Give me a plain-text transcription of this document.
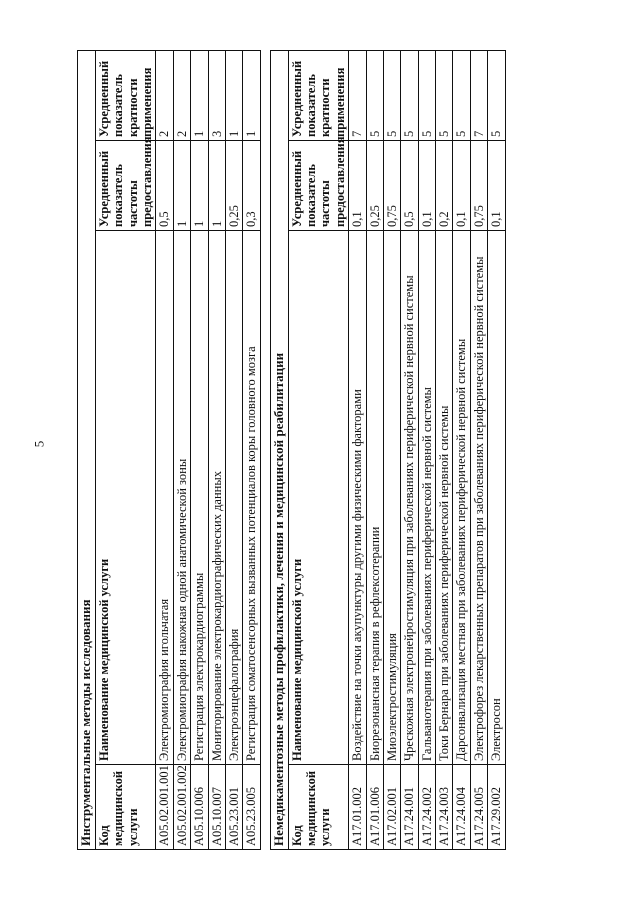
5
Инструментальные методы исследования			
Код медицинской услуги	Наименование медицинской услуги	Усредненный показатель частоты предоставления	Усредненный показатель кратности применения
A05.02.001.001	Электромиография игольчатая	0,5	2
A05.02.001.002	Электромиография накожная одной анатомической зоны	1	2
A05.10.006	Регистрация электрокардиограммы	1	1
A05.10.007	Мониторирование электрокардиографических данных	1	3
A05.23.001	Электроэнцефалография	0,25	1
A05.23.005	Регистрация соматосенсорных вызванных потенциалов коры головного мозга	0,3	1

Немедикаментозные методы профилактики, лечения и медицинской реабилитации			
Код медицинской услуги	Наименование медицинской услуги	Усредненный показатель частоты предоставления	Усредненный показатель кратности применения
A17.01.002	Воздействие на точки акупунктуры другими физическими факторами	0,1	7
A17.01.006	Биорезонансная терапия в рефлексотерапии	0,25	5
A17.02.001	Миоэлектростимуляция	0,75	5
A17.24.001	Чрескожная электронейростимуляция при заболеваниях периферической нервной системы	0,5	5
A17.24.002	Гальванотерапия при заболеваниях периферической нервной системы	0,1	5
A17.24.003	Токи Бернара при заболеваниях периферической нервной системы	0,2	5
A17.24.004	Дарсонвализация местная при заболеваниях периферической нервной системы	0,1	5
A17.24.005	Электрофорез лекарственных препаратов при заболеваниях периферической нервной системы	0,75	7
A17.29.002	Электросон	0,1	5
